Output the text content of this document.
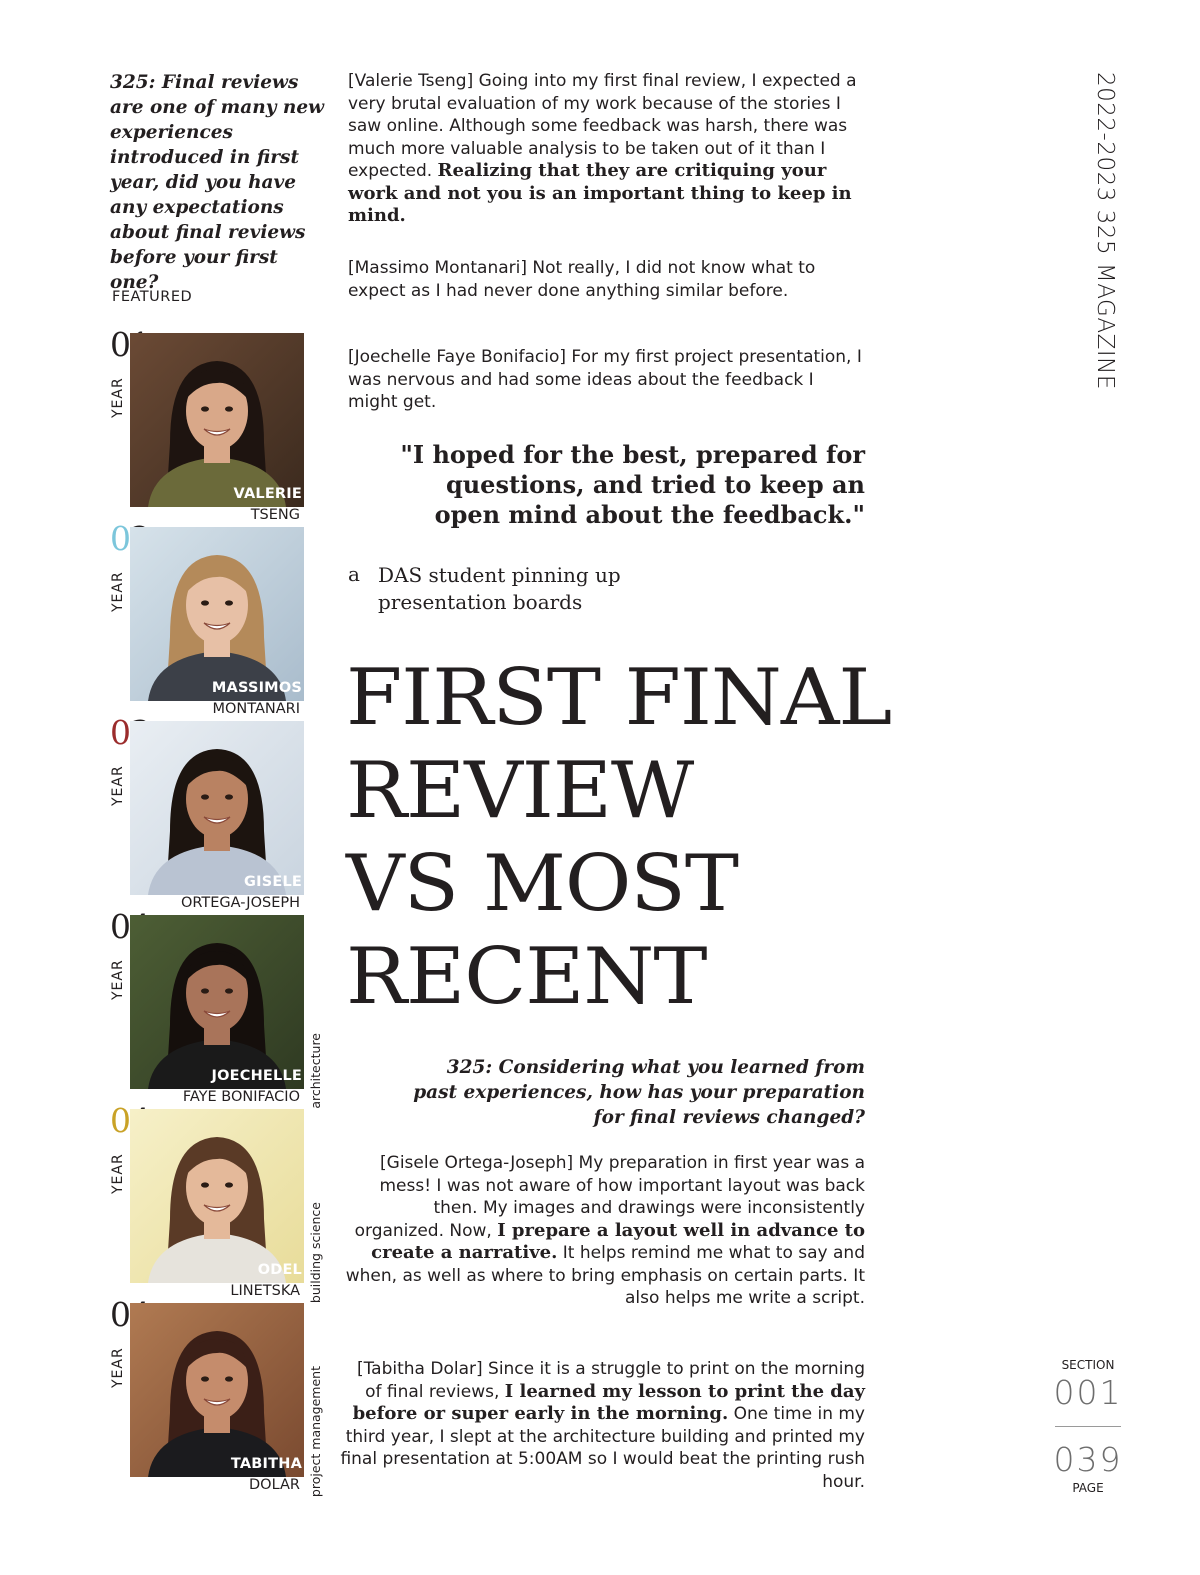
325: Final reviews are one of many new experiences introduced in first year, did you have any expectations about final reviews before your first one?

FEATURED
0
YEAR
VALERIE
TSENG
0
YEAR
MASSIMOS
MONTANARI
0
YEAR
GISELE
ORTEGA-JOSEPH
0
YEAR
JOECHELLE
FAYE BONIFACIO architecture
0
YEAR
ODEL
LINETSKA building science
0
YEAR
TABITHA
DOLAR project management

[Valerie Tseng] Going into my first final review, I expected a very brutal evaluation of my work because of the stories I saw online. Although some feedback was harsh, there was much more valuable analysis to be taken out of it than I expected. Realizing that they are critiquing your work and not you is an important thing to keep in mind.

[Massimo Montanari] Not really, I did not know what to expect as I had never done anything similar before.

[Joechelle Faye Bonifacio] For my first project presentation, I was nervous and had some ideas about the feedback I might get.

"I hoped for the best, prepared for questions, and tried to keep an open mind about the feedback."

a DAS student pinning up presentation boards

FIRST FINAL
REVIEW
VS MOST
RECENT

325: Considering what you learned from past experiences, how has your preparation for final reviews changed?

[Gisele Ortega-Joseph] My preparation in first year was a mess! I was not aware of how important layout was back then. My images and drawings were inconsistently organized. Now, I prepare a layout well in advance to create a narrative. It helps remind me what to say and when, as well as where to bring emphasis on certain parts. It also helps me write a script.

[Tabitha Dolar] Since it is a struggle to print on the morning of final reviews, I learned my lesson to print the day before or super early in the morning. One time in my third year, I slept at the architecture building and printed my final presentation at 5:00AM so I would beat the printing rush hour.

2022-2023 325 MAGAZINE
SECTION
001
039
PAGE
